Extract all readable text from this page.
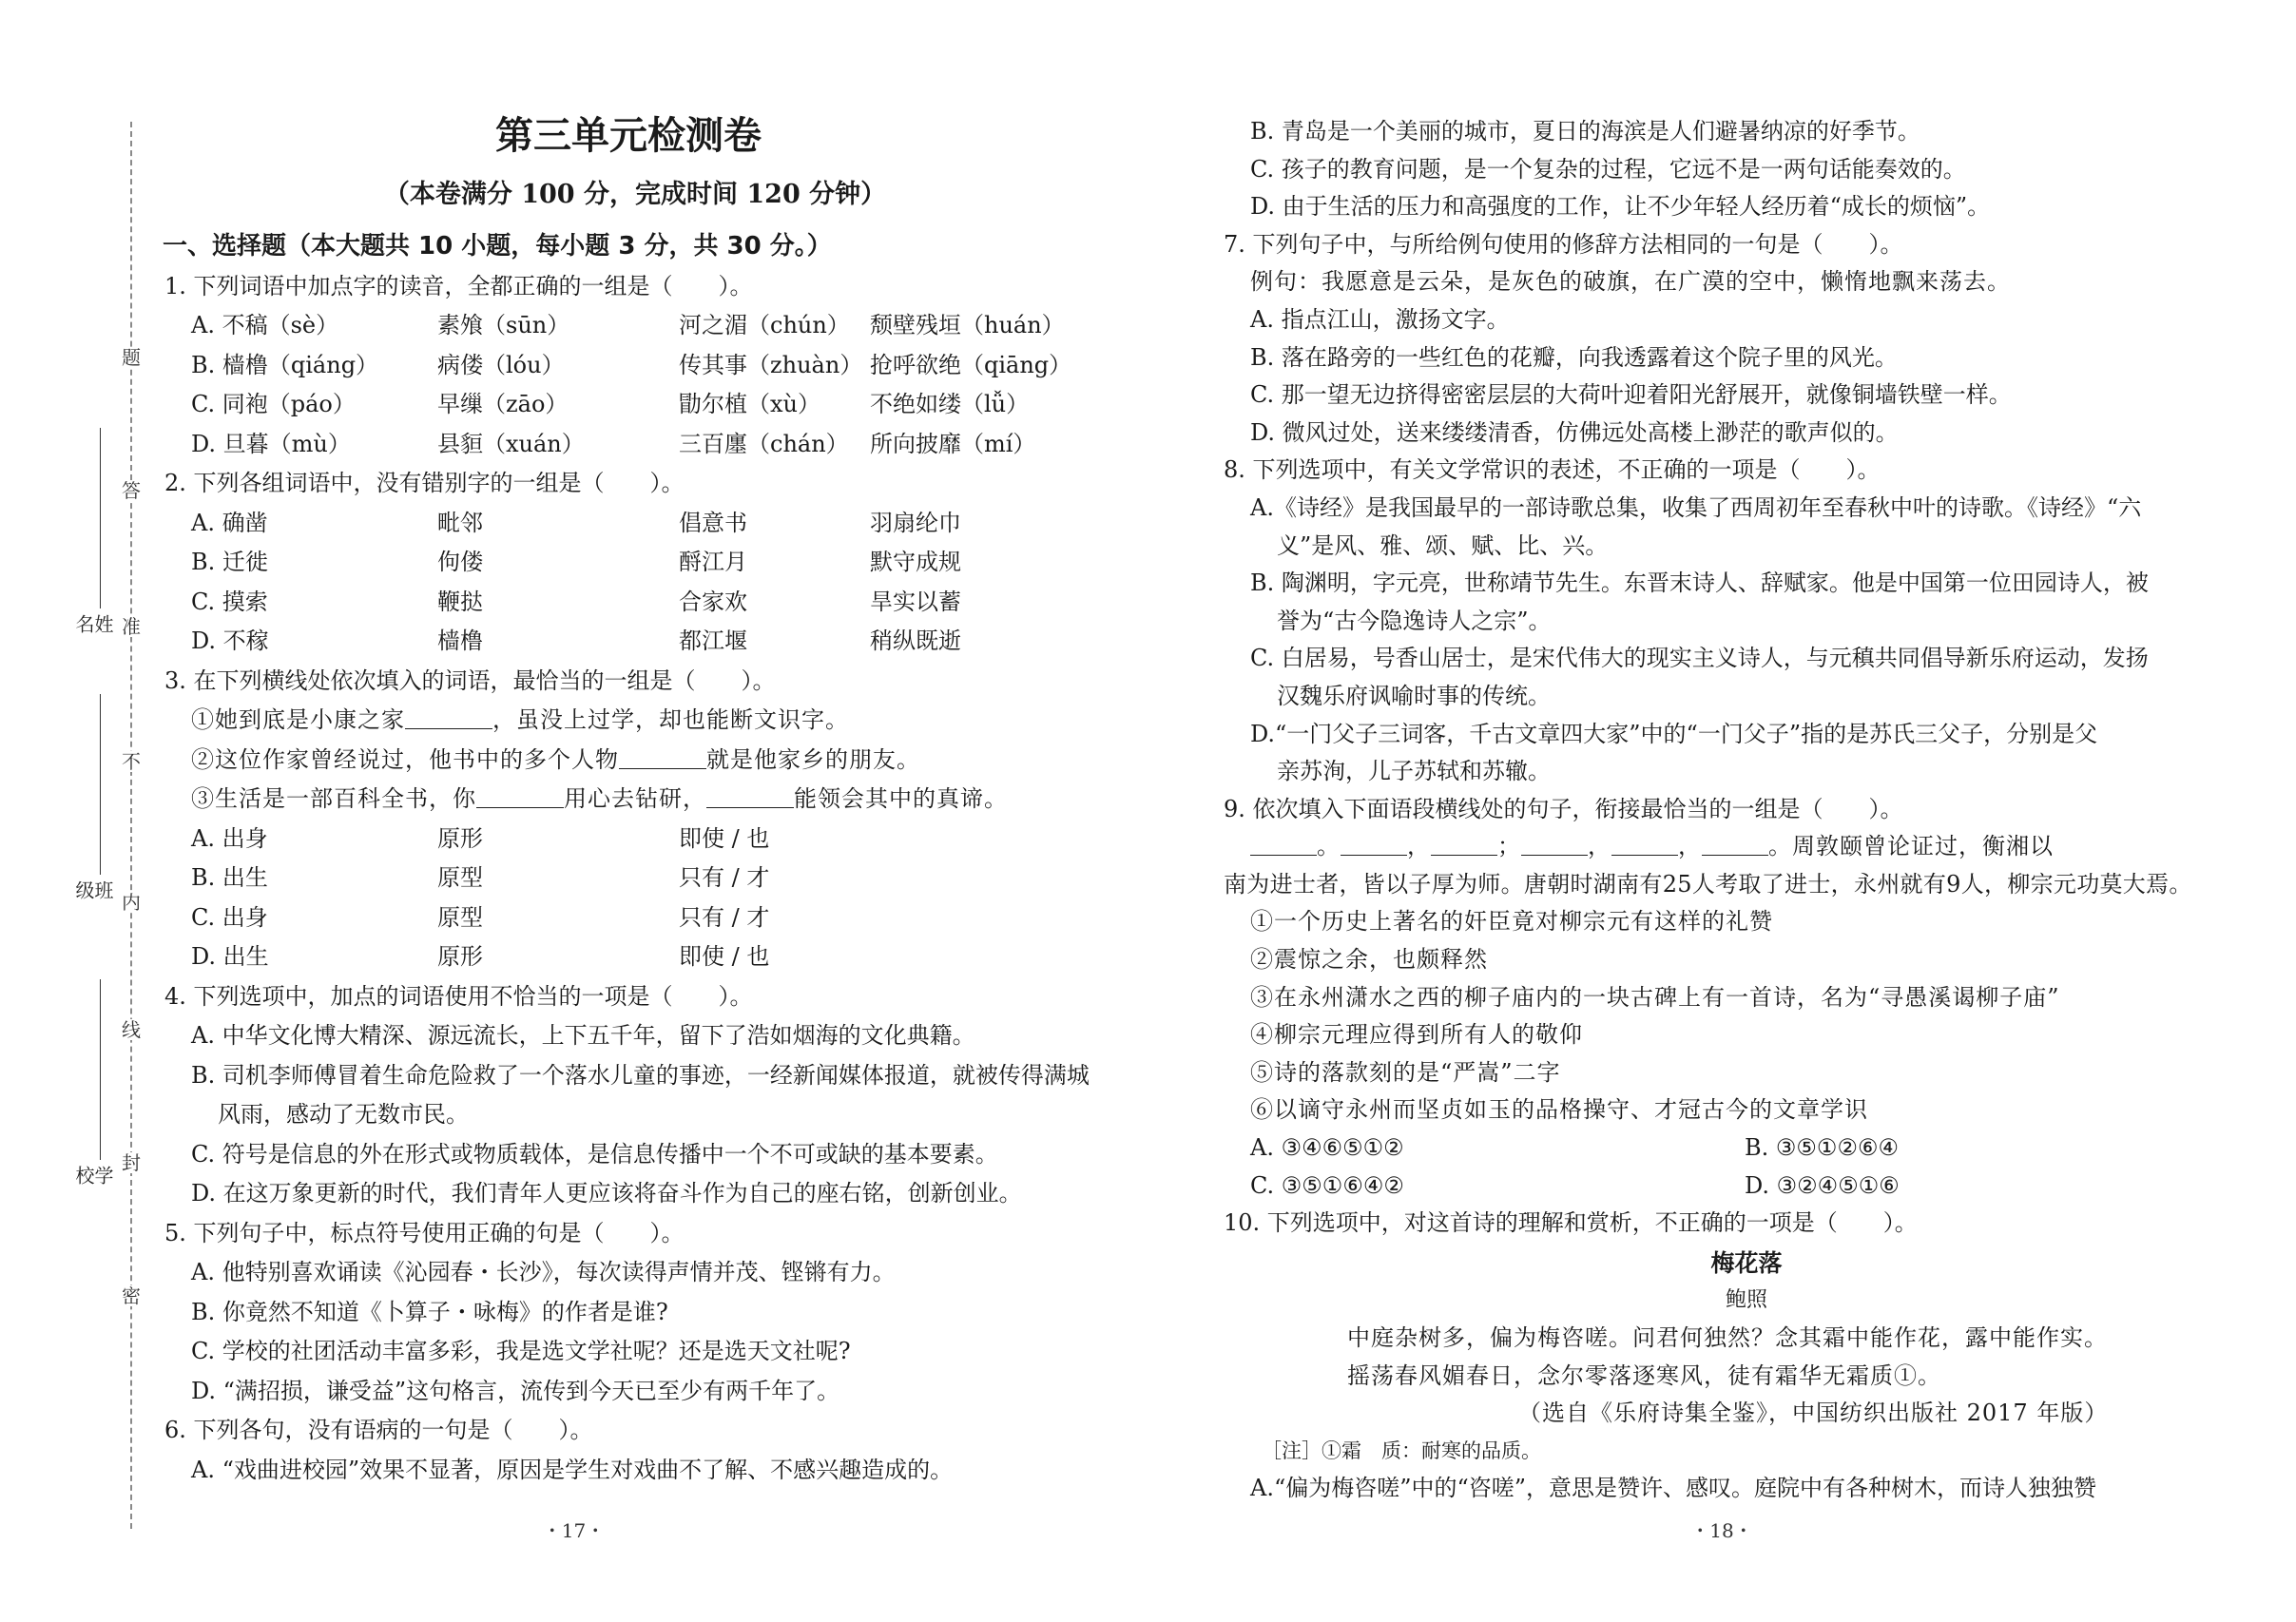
题
答
准
不
内
线
封
密
姓名
班级
学校
第三单元检测卷
（本卷满分 100 分，完成时间 120 分钟）
一、选择题（本大题共 10 小题，每小题 3 分，共 30 分。）
1. 下列词语中加点字的读音，全都正确的一组是（　　）。
A. 不稿（sè）	素飧（sūn）	河之湄（chún） 颓壁残垣（huán）
B. 樯橹（qiáng）	病偻（lóu）	传其事（zhuàn） 抢呼欲绝（qiāng）
C. 同袍（páo）	早缫（zāo）	勖尔植（xù）	不绝如缕（lǚ）
D. 旦暮（mù）	县貆（xuán）	三百廛（chán） 所向披靡（mí）
2. 下列各组词语中，没有错别字的一组是（　　）。
A. 确凿	毗邻	倡意书	羽扇纶巾
B. 迁徙	佝偻	酹江月	默守成规
C. 摸索	鞭挞	合家欢	旱实以蓄
D. 不稼	樯橹	都江堰	稍纵既逝
3. 在下列横线处依次填入的词语，最恰当的一组是（　　）。
①她到底是小康之家	，虽没上过学，却也能断文识字。
②这位作家曾经说过，他书中的多个人物	就是他家乡的朋友。
③生活是一部百科全书，你	用心去钻研，	能领会其中的真谛。
A. 出身	原形	即使 / 也
B. 出生	原型	只有 / 才
C. 出身	原型	只有 / 才
D. 出生	原形	即使 / 也
4. 下列选项中，加点的词语使用不恰当的一项是（　　）。
A. 中华文化博大精深、源远流长，上下五千年，留下了浩如烟海的文化典籍。
B. 司机李师傅冒着生命危险救了一个落水儿童的事迹，一经新闻媒体报道，就被传得满城
风雨，感动了无数市民。
C. 符号是信息的外在形式或物质载体，是信息传播中一个不可或缺的基本要素。
D. 在这万象更新的时代，我们青年人更应该将奋斗作为自己的座右铭，创新创业。
5. 下列句子中，标点符号使用正确的句是（　　）。
A. 他特别喜欢诵读《沁园春・长沙》，每次读得声情并茂、铿锵有力。
B. 你竟然不知道《卜算子・咏梅》的作者是谁?
C. 学校的社团活动丰富多彩，我是选文学社呢？还是选天文社呢?
D. “满招损，谦受益”这句格言，流传到今天已至少有两千年了。
6. 下列各句，没有语病的一句是（　　）。
A. “戏曲进校园”效果不显著，原因是学生对戏曲不了解、不感兴趣造成的。
・17・
B. 青岛是一个美丽的城市，夏日的海滨是人们避暑纳凉的好季节。
C. 孩子的教育问题，是一个复杂的过程，它远不是一两句话能奏效的。
D. 由于生活的压力和高强度的工作，让不少年轻人经历着“成长的烦恼”。
7. 下列句子中，与所给例句使用的修辞方法相同的一句是（　　）。
例句：我愿意是云朵，是灰色的破旗，在广漠的空中，懒惰地飘来荡去。
A. 指点江山，激扬文字。
B. 落在路旁的一些红色的花瓣，向我透露着这个院子里的风光。
C. 那一望无边挤得密密层层的大荷叶迎着阳光舒展开，就像铜墙铁壁一样。
D. 微风过处，送来缕缕清香，仿佛远处高楼上渺茫的歌声似的。
8. 下列选项中，有关文学常识的表述，不正确的一项是（　　）。
A.《诗经》是我国最早的一部诗歌总集，收集了西周初年至春秋中叶的诗歌。《诗经》“六
义”是风、雅、颂、赋、比、兴。
B. 陶渊明，字元亮，世称靖节先生。东晋末诗人、辞赋家。他是中国第一位田园诗人，被
誉为“古今隐逸诗人之宗”。
C. 白居易，号香山居士，是宋代伟大的现实主义诗人，与元稹共同倡导新乐府运动，发扬
汉魏乐府讽喻时事的传统。
D.“一门父子三词客，千古文章四大家”中的“一门父子”指的是苏氏三父子，分别是父
亲苏洵，儿子苏轼和苏辙。
9. 依次填入下面语段横线处的句子，衔接最恰当的一组是（　　）。
。	，	；	，	，	。周敦颐曾论证过，衡湘以
南为进士者，皆以子厚为师。唐朝时湖南有25人考取了进士，永州就有9人，柳宗元功莫大焉。
①一个历史上著名的奸臣竟对柳宗元有这样的礼赞
②震惊之余，也颇释然
③在永州潇水之西的柳子庙内的一块古碑上有一首诗，名为“寻愚溪谒柳子庙”
④柳宗元理应得到所有人的敬仰
⑤诗的落款刻的是“严嵩”二字
⑥以谪守永州而坚贞如玉的品格操守、才冠古今的文章学识
A. ③④⑥⑤①②	B. ③⑤①②⑥④
C. ③⑤①⑥④②	D. ③②④⑤①⑥
10. 下列选项中，对这首诗的理解和赏析，不正确的一项是（　　）。
梅花落
鲍照
中庭杂树多，偏为梅咨嗟。问君何独然？念其霜中能作花，露中能作实。
摇荡春风媚春日，念尔零落逐寒风，徒有霜华无霜质①。
（选自《乐府诗集全鉴》，中国纺织出版社 2017 年版）
［注］①霜　质：耐寒的品质。
A.“偏为梅咨嗟”中的“咨嗟”，意思是赞许、感叹。庭院中有各种树木，而诗人独独赞
・18・
